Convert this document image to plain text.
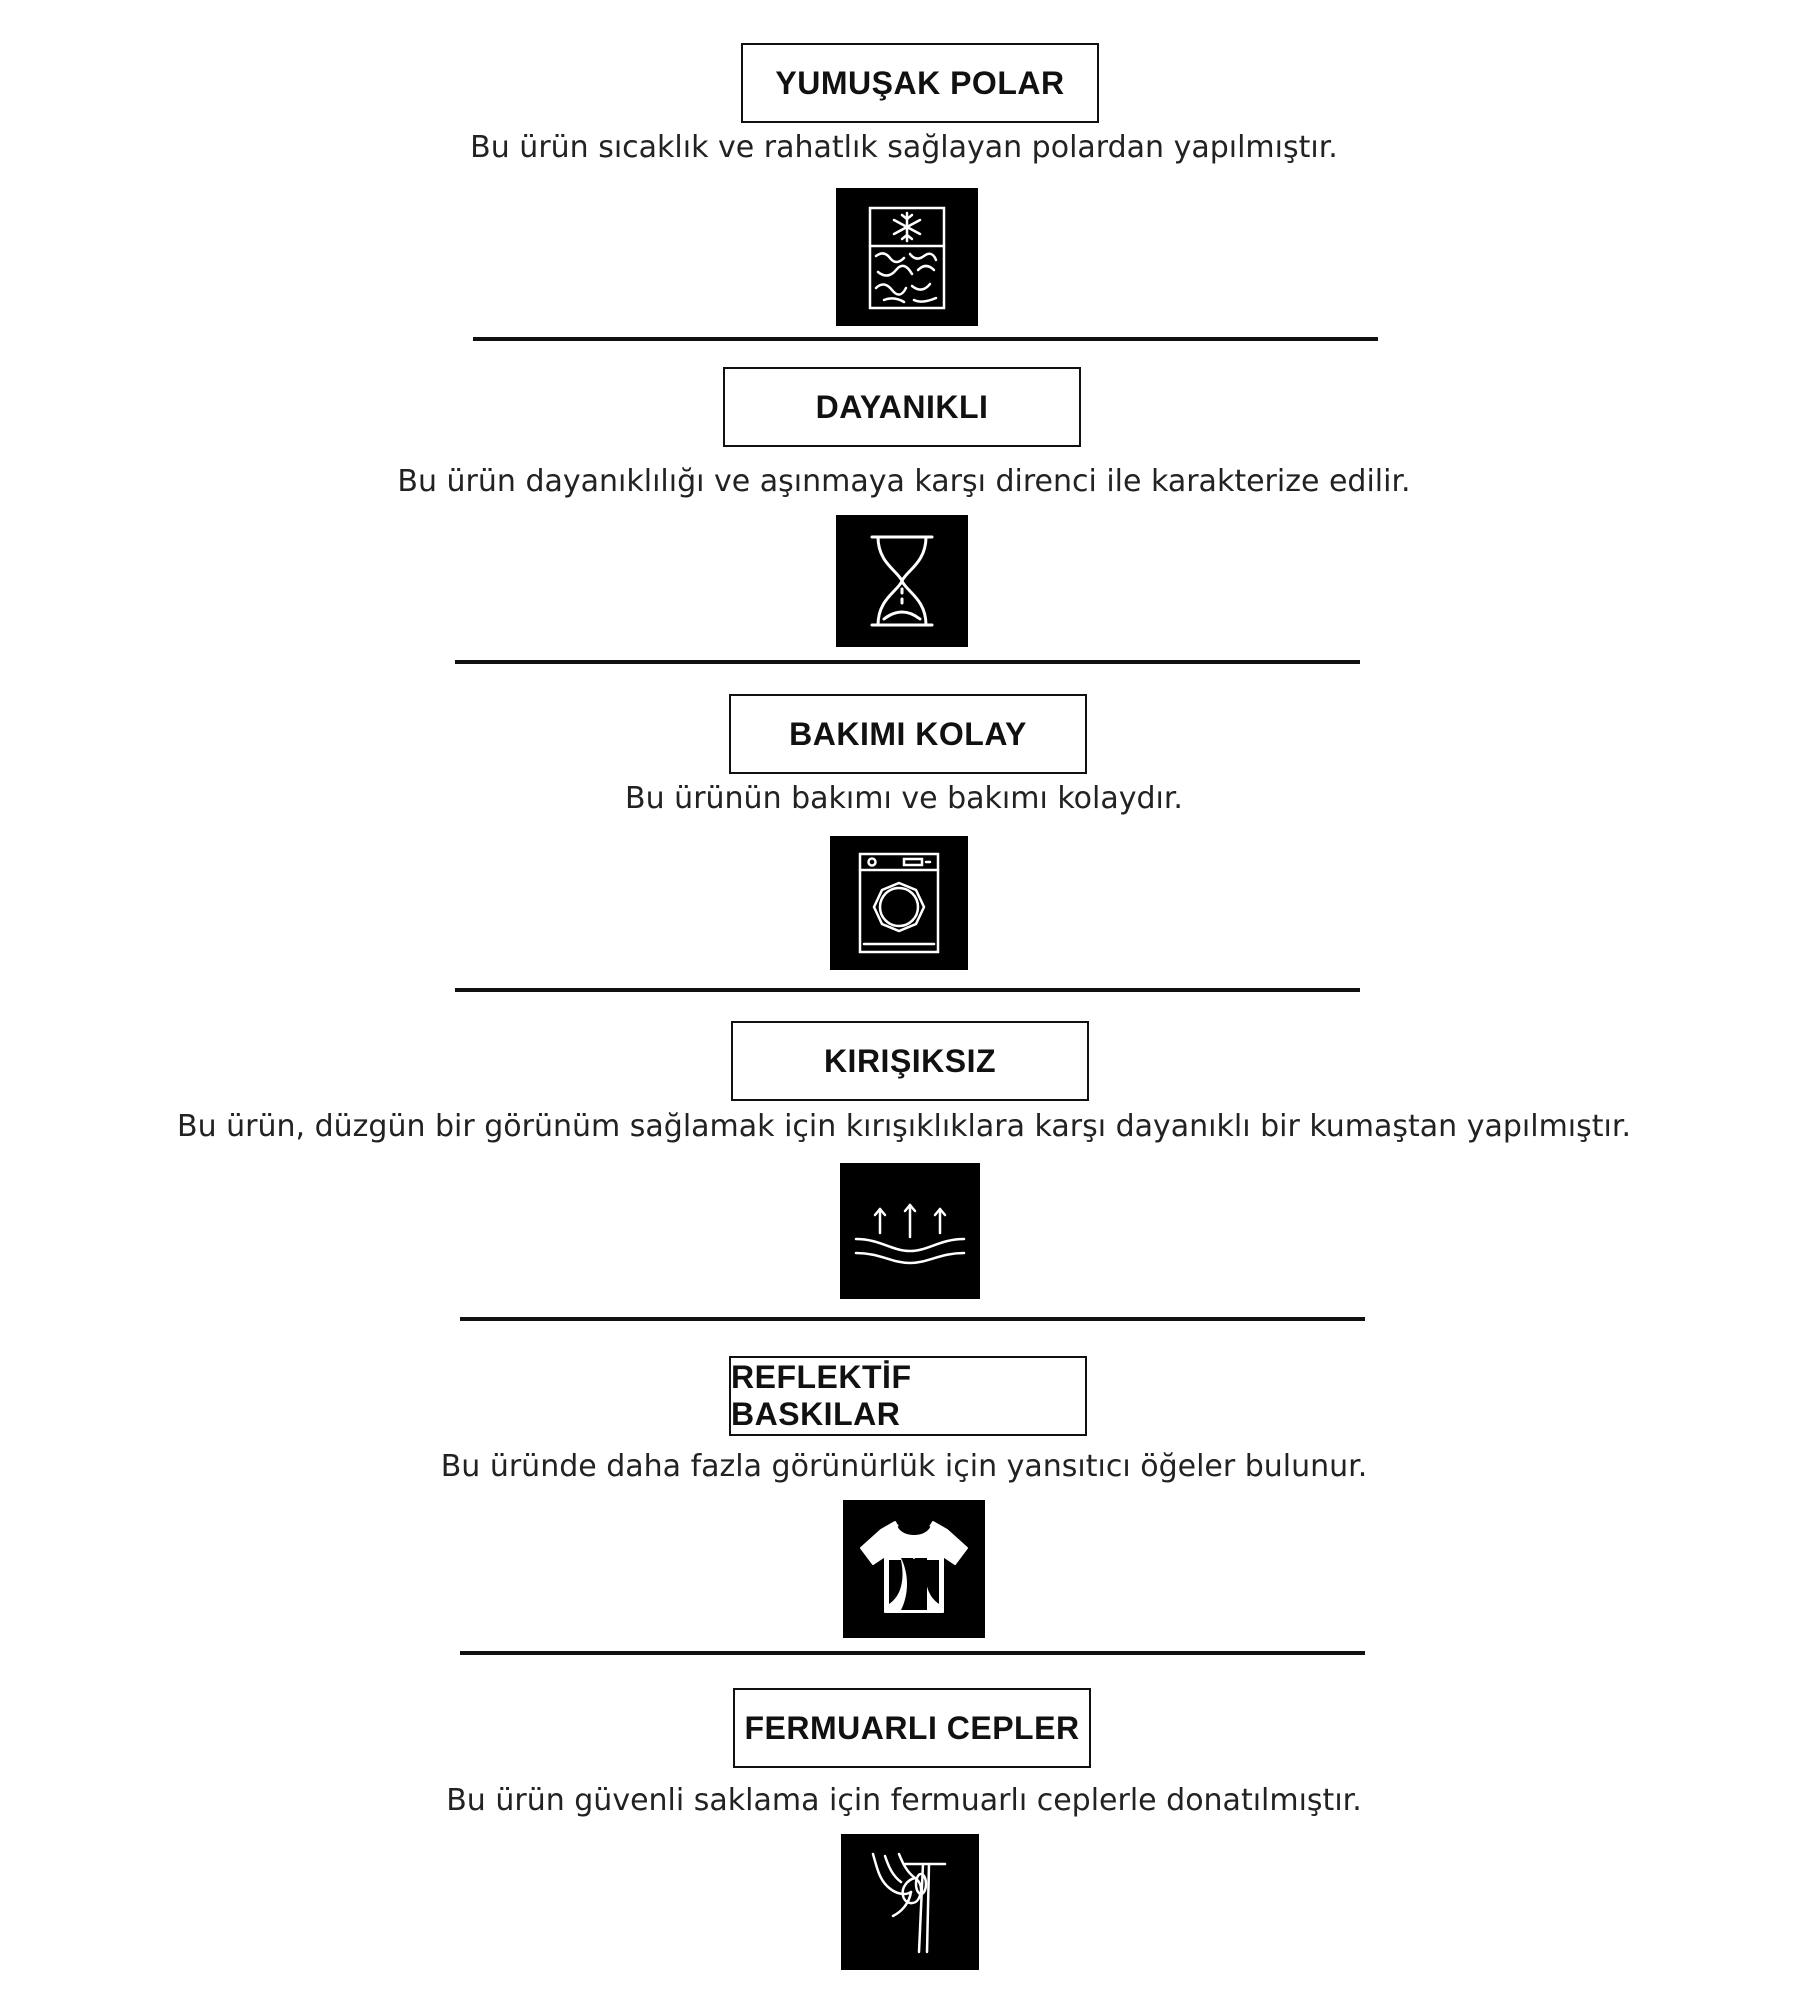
YUMUŞAK POLAR
Bu ürün sıcaklık ve rahatlık sağlayan polardan yapılmıştır.
DAYANIKLI
Bu ürün dayanıklılığı ve aşınmaya karşı direnci ile karakterize edilir.
BAKIMI KOLAY
Bu ürünün bakımı ve bakımı kolaydır.
KIRIŞIKSIZ
Bu ürün, düzgün bir görünüm sağlamak için kırışıklıklara karşı dayanıklı bir kumaştan yapılmıştır.
REFLEKTİF BASKILAR
Bu üründe daha fazla görünürlük için yansıtıcı öğeler bulunur.
FERMUARLI CEPLER
Bu ürün güvenli saklama için fermuarlı ceplerle donatılmıştır.
